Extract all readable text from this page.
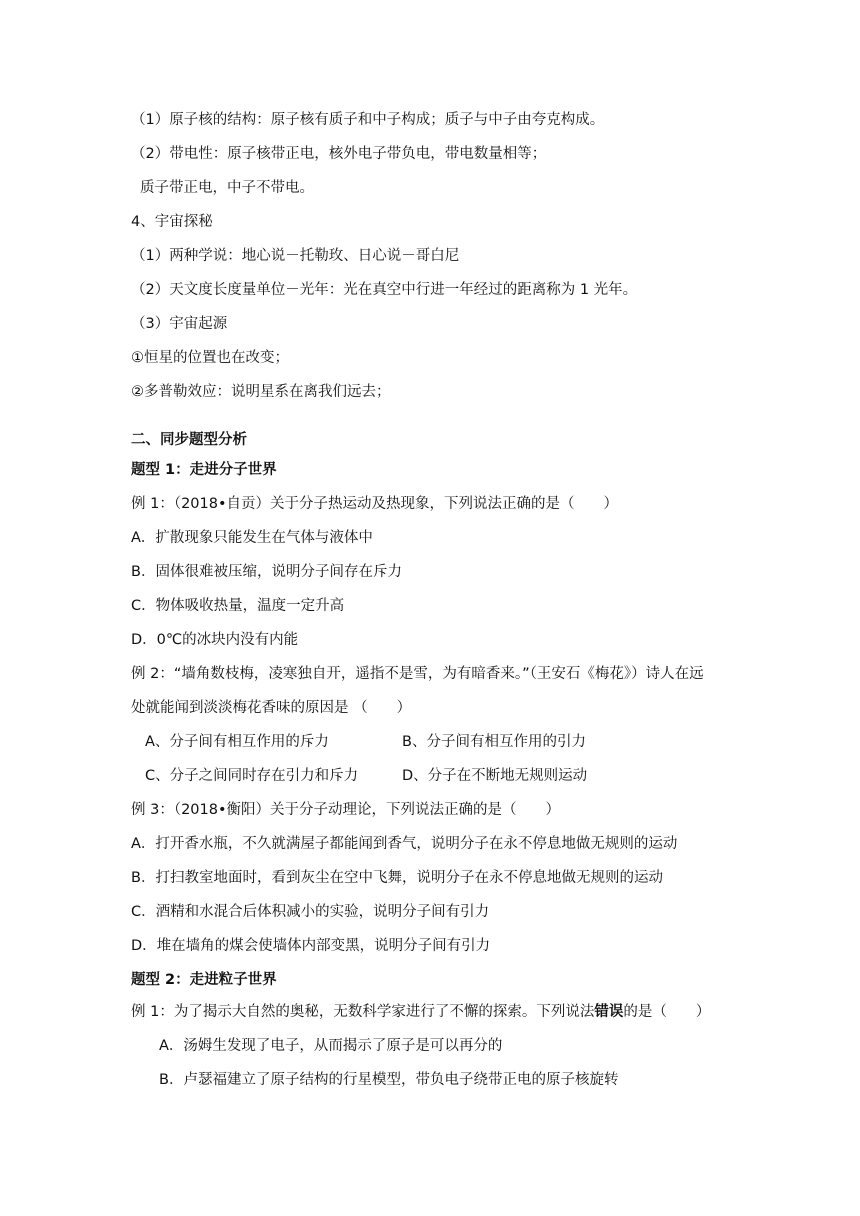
（1）原子核的结构：原子核有质子和中子构成；质子与中子由夸克构成。
（2）带电性：原子核带正电，核外电子带负电，带电数量相等；
质子带正电，中子不带电。
4、宇宙探秘
（1）两种学说：地心说－托勒玫、日心说－哥白尼
（2）天文度长度量单位－光年：光在真空中行进一年经过的距离称为 1 光年。
（3）宇宙起源
①恒星的位置也在改变；
②多普勒效应：说明星系在离我们远去；
二、同步题型分析
题型 1：走进分子世界
例 1：（2018•自贡）关于分子热运动及热现象，下列说法正确的是（　　）
A．扩散现象只能发生在气体与液体中
B．固体很难被压缩，说明分子间存在斥力
C．物体吸收热量，温度一定升高
D．0℃的冰块内没有内能
例 2：“墙角数枝梅，凌寒独自开，遥指不是雪，为有暗香来。”（王安石《梅花》）诗人在远
处就能闻到淡淡梅花香味的原因是 （　　）
A、分子间有相互作用的斥力	B、分子间有相互作用的引力
C、分子之间同时存在引力和斥力	D、分子在不断地无规则运动
例 3：（2018•衡阳）关于分子动理论，下列说法正确的是（　　）
A．打开香水瓶，不久就满屋子都能闻到香气，说明分子在永不停息地做无规则的运动
B．打扫教室地面时，看到灰尘在空中飞舞，说明分子在永不停息地做无规则的运动
C．酒精和水混合后体积减小的实验，说明分子间有引力
D．堆在墙角的煤会使墙体内部变黑，说明分子间有引力
题型 2：走进粒子世界
例 1：为了揭示大自然的奥秘，无数科学家进行了不懈的探索。下列说法错误的是（　　）
A．汤姆生发现了电子，从而揭示了原子是可以再分的
B．卢瑟福建立了原子结构的行星模型，带负电子绕带正电的原子核旋转
